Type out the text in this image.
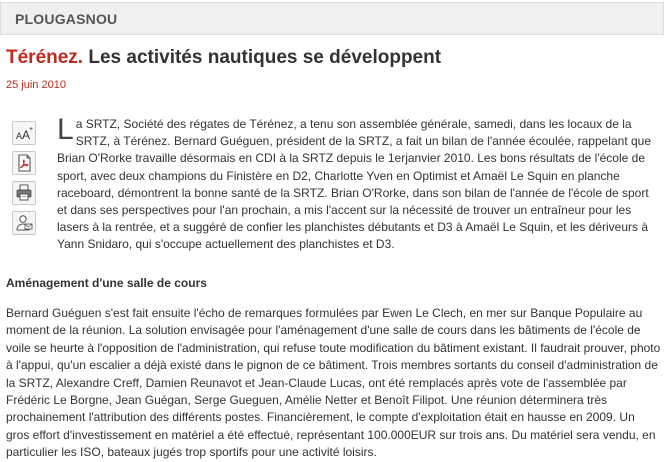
PLOUGASNOU
Térénez. Les activités nautiques se développent
25 juin 2010
A A
+ La SRTZ, Société des régates de Térénez, a tenu son assemblée générale, samedi, dans les locaux de la SRTZ, à Térénez. Bernard Guéguen, président de la SRTZ, a fait un bilan de l'année écoulée, rappelant que Brian O'Rorke travaille désormais en CDI à la SRTZ depuis le 1erjanvier 2010. Les bons résultats de l'école de sport, avec deux champions du Finistère en D2, Charlotte Yven en Optimist et Amaël Le Squin en planche raceboard, démontrent la bonne santé de la SRTZ. Brian O'Rorke, dans son bilan de l'année de l'école de sport et dans ses perspectives pour l'an prochain, a mis l'accent sur la nécessité de trouver un entraîneur pour les lasers à la rentrée, et a suggéré de confier les planchistes débutants et D3 à Amaël Le Squin, et les dériveurs à Yann Snidaro, qui s'occupe actuellement des planchistes et D3.

Aménagement d'une salle de cours

Bernard Guéguen s'est fait ensuite l'écho de remarques formulées par Ewen Le Clech, en mer sur Banque Populaire au moment de la réunion. La solution envisagée pour l'aménagement d'une salle de cours dans les bâtiments de l'école de voile se heurte à l'opposition de l'administration, qui refuse toute modification du bâtiment existant. Il faudrait prouver, photo à l'appui, qu'un escalier a déjà existé dans le pignon de ce bâtiment. Trois membres sortants du conseil d'administration de la SRTZ, Alexandre Creff, Damien Reunavot et Jean-Claude Lucas, ont été remplacés après vote de l'assemblée par Frédéric Le Borgne, Jean Guégan, Serge Gueguen, Amélie Netter et Benoît Filipot. Une réunion déterminera très prochainement l'attribution des différents postes. Financièrement, le compte d'exploitation était en hausse en 2009. Un gros effort d'investissement en matériel a été effectué, représentant 100.000EUR sur trois ans. Du matériel sera vendu, en particulier les ISO, bateaux jugés trop sportifs pour une activité loisirs.
